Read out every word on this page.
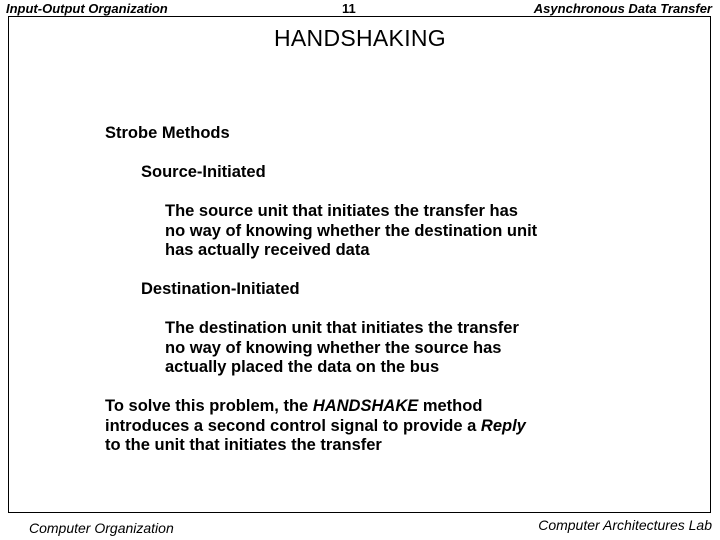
Input-Output Organization	11	Asynchronous Data Transfer
HANDSHAKING
Strobe Methods
Source-Initiated
The source unit that initiates the transfer has
no way of knowing whether the destination unit
has actually received data
Destination-Initiated
The destination unit that initiates the transfer
no way of knowing whether the source has
actually placed the data on the bus
To solve this problem, the HANDSHAKE method
introduces a second control signal to provide a Reply
to the unit that initiates the transfer
Computer Organization	Computer Architectures Lab
